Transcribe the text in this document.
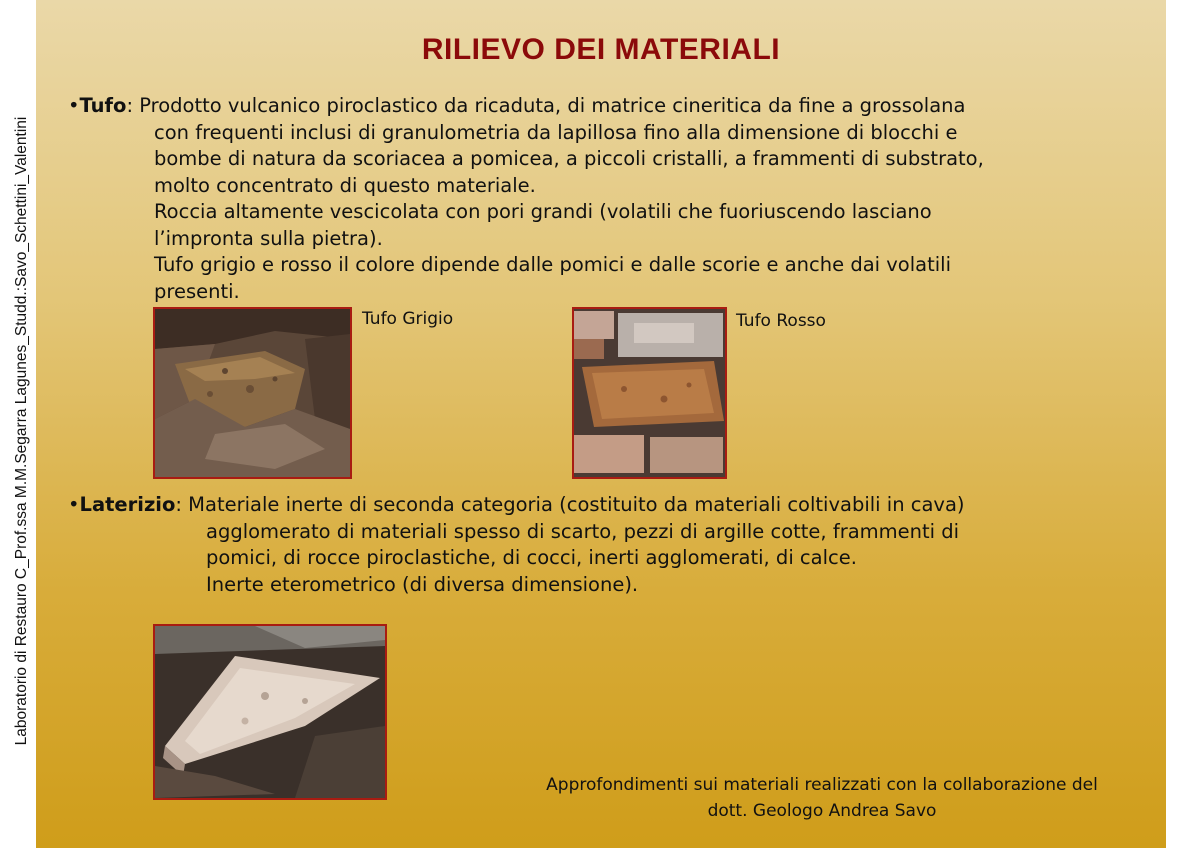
Laboratorio di Restauro C_Prof.ssa M.M.Segarra Lagunes_Studd.:Savo_Schettini_Valentini
RILIEVO DEI MATERIALI
•Tufo: Prodotto vulcanico piroclastico da ricaduta, di matrice cineritica da fine a grossolana
con frequenti inclusi di granulometria da lapillosa fino alla dimensione di blocchi e
bombe di natura da scoriacea a pomicea, a piccoli cristalli, a frammenti di substrato,
molto concentrato di questo materiale.
Roccia altamente vescicolata con pori grandi (volatili che fuoriuscendo lasciano
l’impronta sulla pietra).
Tufo grigio e rosso il colore dipende dalle pomici e dalle scorie e anche dai volatili
presenti.
Tufo Grigio	Tufo Rosso
•Laterizio: Materiale inerte di seconda categoria (costituito da materiali coltivabili in cava)
agglomerato di materiali spesso di scarto, pezzi di argille cotte, frammenti di
pomici, di rocce piroclastiche, di cocci, inerti agglomerati, di calce.
Inerte eterometrico (di diversa dimensione).
Approfondimenti sui materiali realizzati con la collaborazione del
dott. Geologo Andrea Savo
